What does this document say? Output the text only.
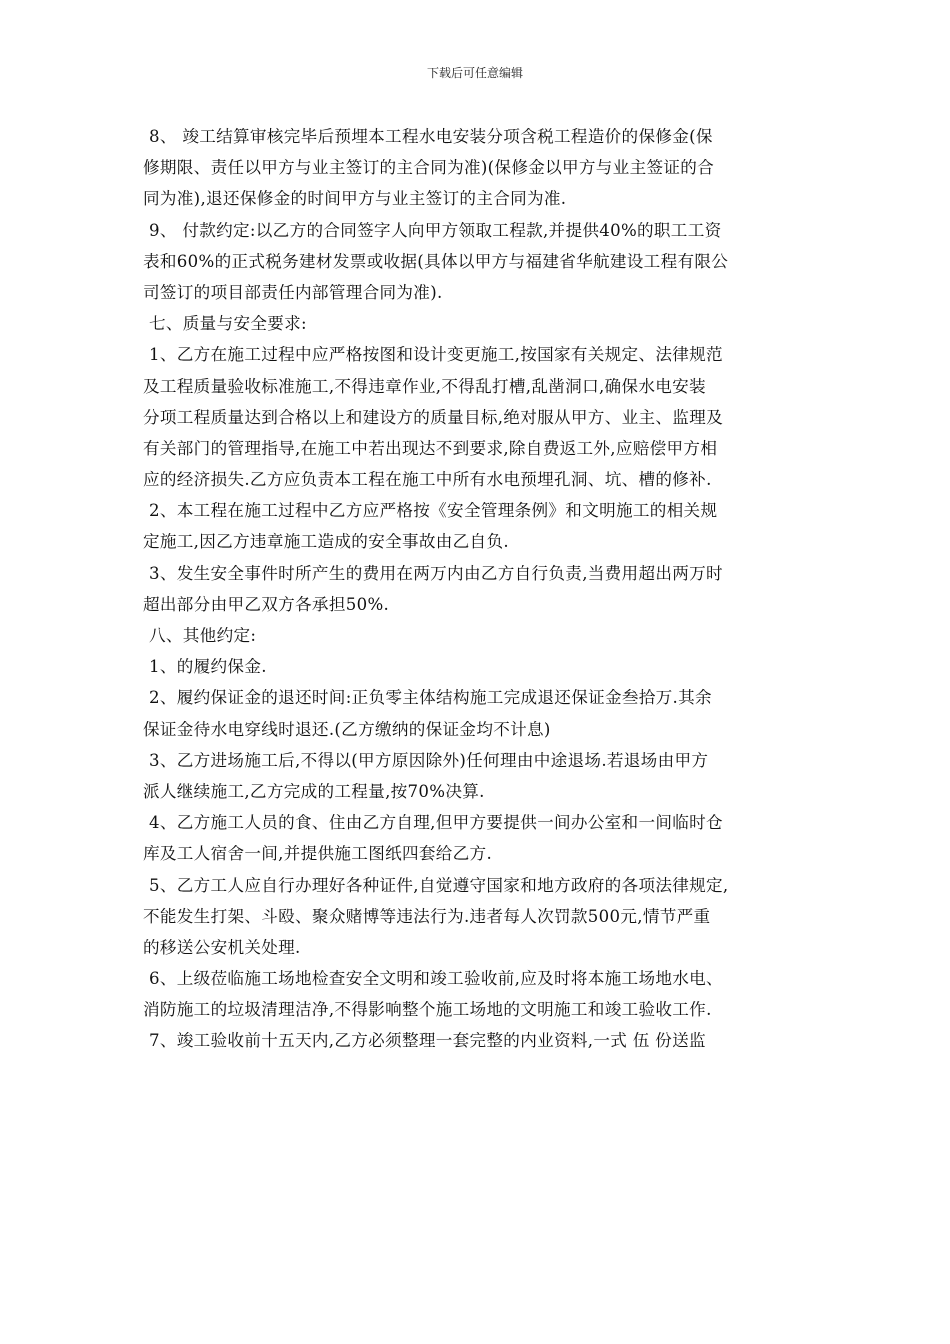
下载后可任意编辑
8、 竣工结算审核完毕后预埋本工程水电安装分项含税工程造价的保修金(保
修期限、责任以甲方与业主签订的主合同为准)(保修金以甲方与业主签证的合
同为准),退还保修金的时间甲方与业主签订的主合同为准.
9、 付款约定:以乙方的合同签字人向甲方领取工程款,并提供40%的职工工资
表和60%的正式税务建材发票或收据(具体以甲方与福建省华航建设工程有限公
司签订的项目部责任内部管理合同为准).
七、质量与安全要求:
1、乙方在施工过程中应严格按图和设计变更施工,按国家有关规定、法律规范
及工程质量验收标准施工,不得违章作业,不得乱打槽,乱凿洞口,确保水电安装
分项工程质量达到合格以上和建设方的质量目标,绝对服从甲方、业主、监理及
有关部门的管理指导,在施工中若出现达不到要求,除自费返工外,应赔偿甲方相
应的经济损失.乙方应负责本工程在施工中所有水电预埋孔洞、坑、槽的修补.
2、本工程在施工过程中乙方应严格按《安全管理条例》和文明施工的相关规
定施工,因乙方违章施工造成的安全事故由乙自负.
3、发生安全事件时所产生的费用在两万内由乙方自行负责,当费用超出两万时
超出部分由甲乙双方各承担50%.
八、其他约定:
1、的履约保金.
2、履约保证金的退还时间:正负零主体结构施工完成退还保证金叁拾万.其余
保证金待水电穿线时退还.(乙方缴纳的保证金均不计息)
3、乙方进场施工后,不得以(甲方原因除外)任何理由中途退场.若退场由甲方
派人继续施工,乙方完成的工程量,按70%决算.
4、乙方施工人员的食、住由乙方自理,但甲方要提供一间办公室和一间临时仓
库及工人宿舍一间,并提供施工图纸四套给乙方.
5、乙方工人应自行办理好各种证件,自觉遵守国家和地方政府的各项法律规定,
不能发生打架、斗殴、聚众赌博等违法行为.违者每人次罚款500元,情节严重
的移送公安机关处理.
6、上级莅临施工场地检查安全文明和竣工验收前,应及时将本施工场地水电、
消防施工的垃圾清理洁净,不得影响整个施工场地的文明施工和竣工验收工作.
7、竣工验收前十五天内,乙方必须整理一套完整的内业资料,一式 伍 份送监
